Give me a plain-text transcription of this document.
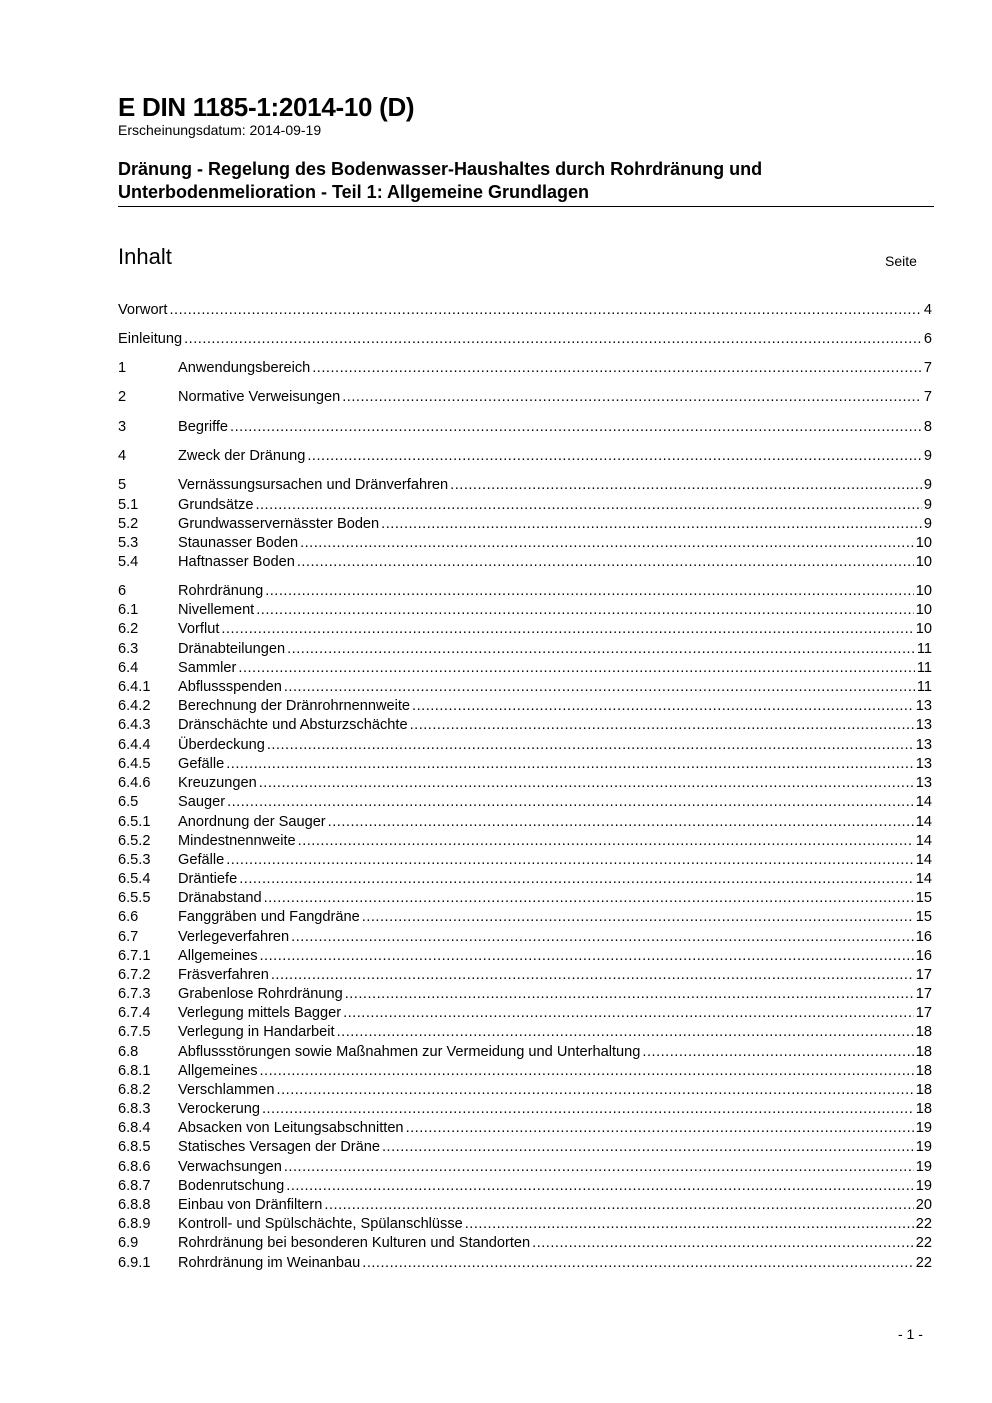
E DIN 1185-1:2014-10 (D)
Erscheinungsdatum: 2014-09-19
Dränung - Regelung des Bodenwasser-Haushaltes durch Rohrdränung und
Unterbodenmelioration - Teil 1: Allgemeine Grundlagen
Inhalt	Seite
Vorwort .....	4
Einleitung .....	6
1	Anwendungsbereich .....	7
2	Normative Verweisungen .....	7
3	Begriffe .....	8
4	Zweck der Dränung .....	9
5	Vernässungsursachen und Dränverfahren .....	9
5.1	Grundsätze .....	9
5.2	Grundwasservernässter Boden .....	9
5.3	Staunasser Boden .....	10
5.4	Haftnasser Boden .....	10
6	Rohrdränung .....	10
6.1	Nivellement .....	10
6.2	Vorflut .....	10
6.3	Dränabteilungen .....	11
6.4	Sammler .....	11
6.4.1	Abflussspenden .....	11
6.4.2	Berechnung der Dränrohrnennweite .....	13
6.4.3	Dränschächte und Absturzschächte .....	13
6.4.4	Überdeckung .....	13
6.4.5	Gefälle .....	13
6.4.6	Kreuzungen .....	13
6.5	Sauger .....	14
6.5.1	Anordnung der Sauger .....	14
6.5.2	Mindestnennweite .....	14
6.5.3	Gefälle .....	14
6.5.4	Dräntiefe .....	14
6.5.5	Dränabstand .....	15
6.6	Fanggräben und Fangdräne .....	15
6.7	Verlegeverfahren .....	16
6.7.1	Allgemeines .....	16
6.7.2	Fräsverfahren .....	17
6.7.3	Grabenlose Rohrdränung .....	17
6.7.4	Verlegung mittels Bagger .....	17
6.7.5	Verlegung in Handarbeit .....	18
6.8	Abflussstörungen sowie Maßnahmen zur Vermeidung und Unterhaltung .....	18
6.8.1	Allgemeines .....	18
6.8.2	Verschlammen .....	18
6.8.3	Verockerung .....	18
6.8.4	Absacken von Leitungsabschnitten .....	19
6.8.5	Statisches Versagen der Dräne .....	19
6.8.6	Verwachsungen .....	19
6.8.7	Bodenrutschung .....	19
6.8.8	Einbau von Dränfiltern .....	20
6.8.9	Kontroll- und Spülschächte, Spülanschlüsse .....	22
6.9	Rohrdränung bei besonderen Kulturen und Standorten .....	22
6.9.1	Rohrdränung im Weinanbau .....	22
- 1 -
